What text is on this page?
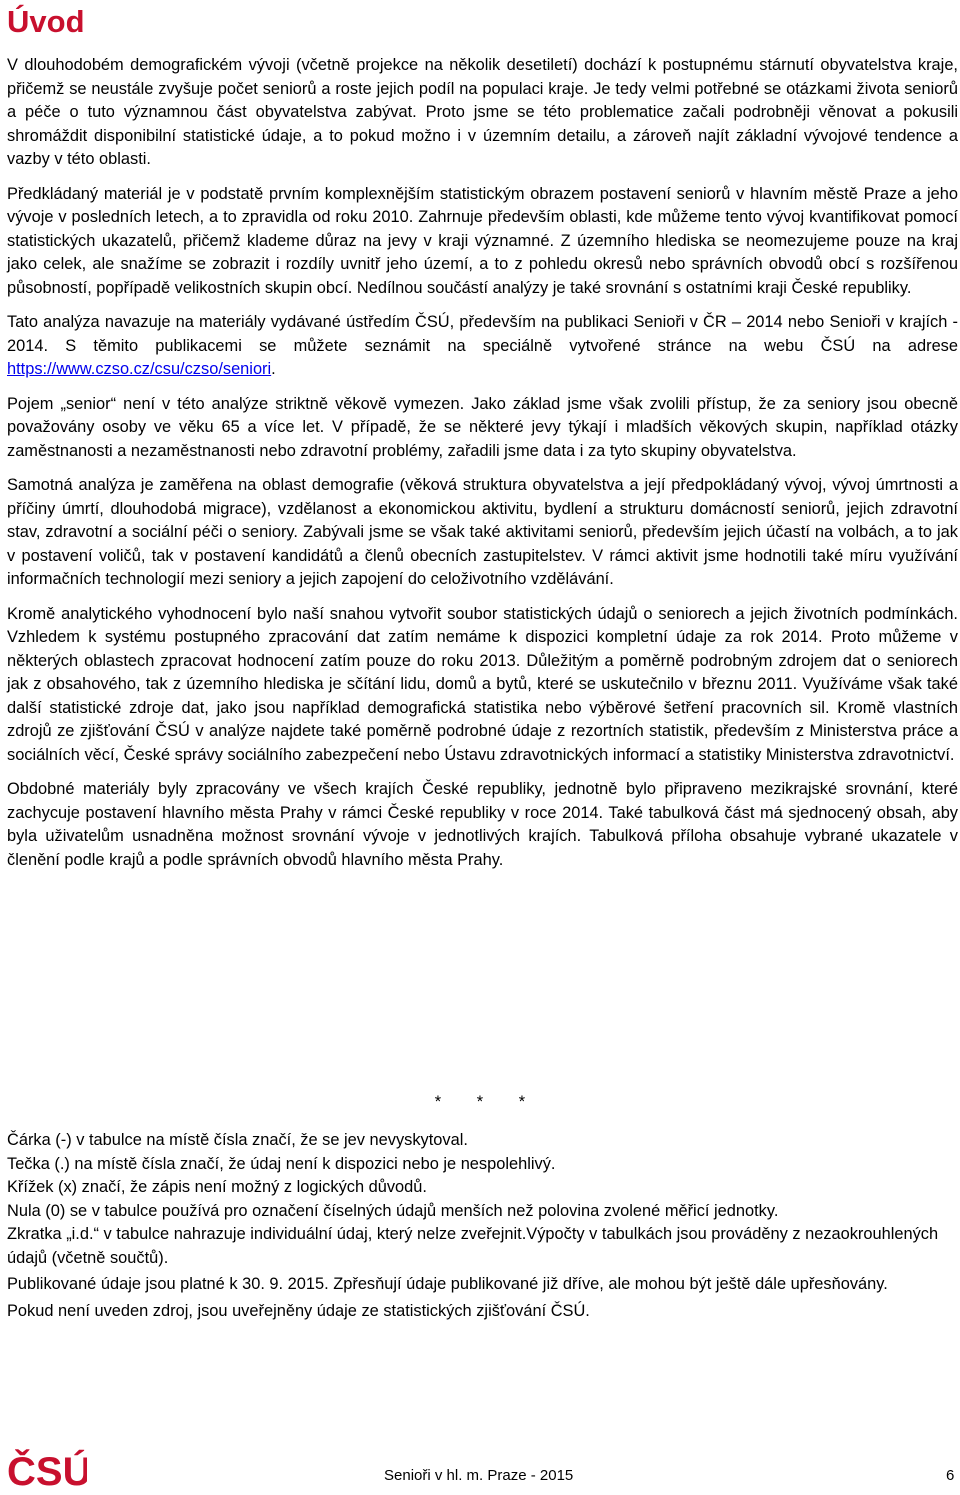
Úvod

V dlouhodobém demografickém vývoji (včetně projekce na několik desetiletí) dochází k postupnému stárnutí obyvatelstva kraje, přičemž se neustále zvyšuje počet seniorů a roste jejich podíl na populaci kraje. Je tedy velmi potřebné se otázkami života seniorů a péče o tuto významnou část obyvatelstva zabývat. Proto jsme se této problematice začali podrobněji věnovat a pokusili shromáždit disponibilní statistické údaje, a to pokud možno i v územním detailu, a zároveň najít základní vývojové tendence a vazby v této oblasti.

Předkládaný materiál je v podstatě prvním komplexnějším statistickým obrazem postavení seniorů v hlavním městě Praze a jeho vývoje v posledních letech, a to zpravidla od roku 2010. Zahrnuje především oblasti, kde můžeme tento vývoj kvantifikovat pomocí statistických ukazatelů, přičemž klademe důraz na jevy v kraji významné. Z územního hlediska se neomezujeme pouze na kraj jako celek, ale snažíme se zobrazit i rozdíly uvnitř jeho území, a to z pohledu okresů nebo správních obvodů obcí s rozšířenou působností, popřípadě velikostních skupin obcí. Nedílnou součástí analýzy je také srovnání s ostatními kraji České republiky.

Tato analýza navazuje na materiály vydávané ústředím ČSÚ, především na publikaci Senioři v ČR – 2014 nebo Senioři v krajích - 2014. S těmito publikacemi se můžete seznámit na speciálně vytvořené stránce na webu ČSÚ na adrese https://www.czso.cz/csu/czso/seniori.

Pojem „senior“ není v této analýze striktně věkově vymezen. Jako základ jsme však zvolili přístup, že za seniory jsou obecně považovány osoby ve věku 65 a více let. V případě, že se některé jevy týkají i mladších věkových skupin, například otázky zaměstnanosti a nezaměstnanosti nebo zdravotní problémy, zařadili jsme data i za tyto skupiny obyvatelstva.

Samotná analýza je zaměřena na oblast demografie (věková struktura obyvatelstva a její předpokládaný vývoj, vývoj úmrtnosti a příčiny úmrtí, dlouhodobá migrace), vzdělanost a ekonomickou aktivitu, bydlení a strukturu domácností seniorů, jejich zdravotní stav, zdravotní a sociální péči o seniory. Zabývali jsme se však také aktivitami seniorů, především jejich účastí na volbách, a to jak v postavení voličů, tak v postavení kandidátů a členů obecních zastupitelstev. V rámci aktivit jsme hodnotili také míru využívání informačních technologií mezi seniory a jejich zapojení do celoživotního vzdělávání.

Kromě analytického vyhodnocení bylo naší snahou vytvořit soubor statistických údajů o seniorech a jejich životních podmínkách. Vzhledem k systému postupného zpracování dat zatím nemáme k dispozici kompletní údaje za rok 2014. Proto můžeme v některých oblastech zpracovat hodnocení zatím pouze do roku 2013. Důležitým a poměrně podrobným zdrojem dat o seniorech jak z obsahového, tak z územního hlediska je sčítání lidu, domů a bytů, které se uskutečnilo v březnu 2011. Využíváme však také další statistické zdroje dat, jako jsou například demografická statistika nebo výběrové šetření pracovních sil. Kromě vlastních zdrojů ze zjišťování ČSÚ v analýze najdete také poměrně podrobné údaje z rezortních statistik, především z Ministerstva práce a sociálních věcí, České správy sociálního zabezpečení nebo Ústavu zdravotnických informací a statistiky Ministerstva zdravotnictví.

Obdobné materiály byly zpracovány ve všech krajích České republiky, jednotně bylo připraveno mezikrajské srovnání, které zachycuje postavení hlavního města Prahy v rámci České republiky v roce 2014. Také tabulková část má sjednocený obsah, aby byla uživatelům usnadněna možnost srovnání vývoje v jednotlivých krajích. Tabulková příloha obsahuje vybrané ukazatele v členění podle krajů a podle správních obvodů hlavního města Prahy.

* * *

Čárka (-) v tabulce na místě čísla značí, že se jev nevyskytoval.

Tečka (.) na místě čísla značí, že údaj není k dispozici nebo je nespolehlivý.

Křížek (x) značí, že zápis není možný z logických důvodů.

Nula (0) se v tabulce používá pro označení číselných údajů menších než polovina zvolené měřicí jednotky.

Zkratka „i.d.“ v tabulce nahrazuje individuální údaj, který nelze zveřejnit.Výpočty v tabulkách jsou prováděny z nezaokrouhlených údajů (včetně součtů).

Publikované údaje jsou platné k 30. 9. 2015. Zpřesňují údaje publikované již dříve, ale mohou být ještě dále upřesňovány.

Pokud není uveden zdroj, jsou uveřejněny údaje ze statistických zjišťování ČSÚ.

ČSÚ	Senioři v hl. m. Praze - 2015	6
